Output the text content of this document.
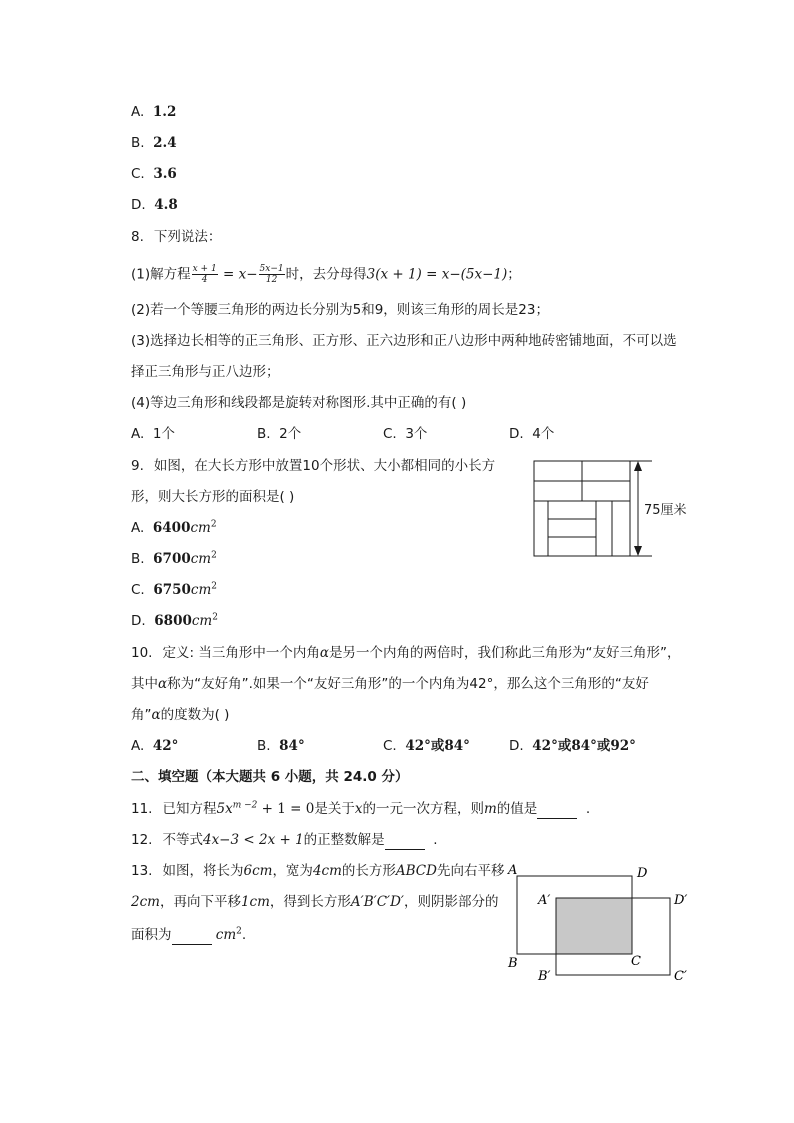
A. 1.2
B. 2.4
C. 3.6
D. 4.8
8. 下列说法：
(1)解方程 $\frac{x + 1}{4} = x- \frac{5x-1}{12}$ 时，去分母得3(x + 1) = x−(5x−1)；
(2)若一个等腰三角形的两边长分别为5和9，则该三角形的周长是23；
(3)选择边长相等的正三角形、正方形、正六边形和正八边形中两种地砖密铺地面，不可以选
择正三角形与正八边形；
(4)等边三角形和线段都是旋转对称图形.其中正确的有( )
A. 1个	B. 2个	C. 3个	D. 4个
9. 如图，在大长方形中放置10个形状、大小都相同的小长方
形，则大长方形的面积是( )
A. $6400cm^2$
B. $6700cm^2$
C. $6750cm^2$
D. $6800cm^2$
75厘米
10. 定义: 当三角形中一个内角α是另一个内角的两倍时，我们称此三角形为“友好三角形”，
其中α称为“友好角”.如果一个“友好三角形”的一个内角为42°，那么这个三角形的“友好
角”α的度数为( )
A. 42°	B. 84°	C. 42°或84°	D. 42°或84°或92°
二、填空题（本大题共 6 小题，共 24.0 分）
11. 已知方程$5x^{m -2} + 1 = 0$是关于x的一元一次方程，则m的值是	.
12. 不等式4x−3 < 2x + 1的正整数解是	.
13. 如图，将长为6cm，宽为4cm的长方形ABCD先向右平移
2cm，再向下平移1cm，得到长方形A′B′C′D′，则阴影部分的
面积为	$cm^2$.
A	D
A′	D′
B	C
B′	C′
